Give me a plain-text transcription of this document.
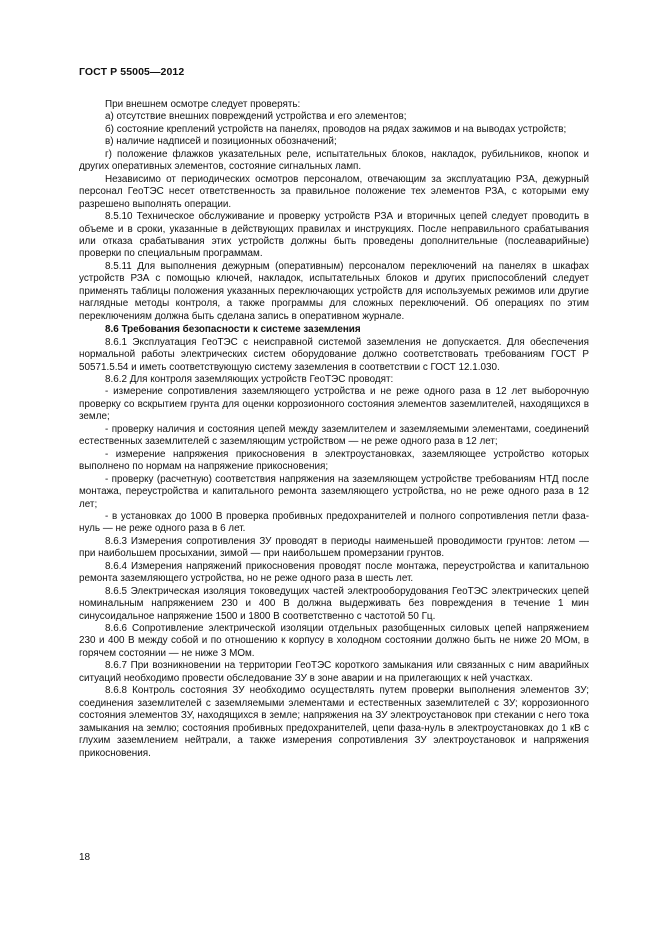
ГОСТ Р 55005—2012

При внешнем осмотре следует проверять:

а) отсутствие внешних повреждений устройства и его элементов;

б) состояние креплений устройств на панелях, проводов на рядах зажимов и на выводах устройств;

в) наличие надписей и позиционных обозначений;

г) положение флажков указательных реле, испытательных блоков, накладок, рубильников, кнопок и других оперативных элементов, состояние сигнальных ламп.

Независимо от периодических осмотров персоналом, отвечающим за эксплуатацию РЗА, дежурный персонал ГеоТЭС несет ответственность за правильное положение тех элементов РЗА, с которыми ему разрешено выполнять операции.

8.5.10 Техническое обслуживание и проверку устройств РЗА и вторичных цепей следует проводить в объеме и в сроки, указанные в действующих правилах и инструкциях. После неправильного срабатывания или отказа срабатывания этих устройств должны быть проведены дополнительные (послеаварийные) проверки по специальным программам.

8.5.11 Для выполнения дежурным (оперативным) персоналом переключений на панелях в шкафах устройств РЗА с помощью ключей, накладок, испытательных блоков и других приспособлений следует применять таблицы положения указанных переключающих устройств для используемых режимов или другие наглядные методы контроля, а также программы для сложных переключений. Об операциях по этим переключениям должна быть сделана запись в оперативном журнале.

8.6 Требования безопасности к системе заземления

8.6.1 Эксплуатация ГеоТЭС с неисправной системой заземления не допускается. Для обеспечения нормальной работы электрических систем оборудование должно соответствовать требованиям ГОСТ Р 50571.5.54 и иметь соответствующую систему заземления в соответствии с ГОСТ 12.1.030.

8.6.2 Для контроля заземляющих устройств ГеоТЭС проводят:

- измерение сопротивления заземляющего устройства и не реже одного раза в 12 лет выборочную проверку со вскрытием грунта для оценки коррозионного состояния элементов заземлителей, находящихся в земле;

- проверку наличия и состояния цепей между заземлителем и заземляемыми элементами, соединений естественных заземлителей с заземляющим устройством — не реже одного раза в 12 лет;

- измерение напряжения прикосновения в электроустановках, заземляющее устройство которых выполнено по нормам на напряжение прикосновения;

- проверку (расчетную) соответствия напряжения на заземляющем устройстве требованиям НТД после монтажа, переустройства и капитального ремонта заземляющего устройства, но не реже одного раза в 12 лет;

- в установках до 1000 В проверка пробивных предохранителей и полного сопротивления петли фаза-нуль — не реже одного раза в 6 лет.

8.6.3 Измерения сопротивления ЗУ проводят в периоды наименьшей проводимости грунтов: летом — при наибольшем просыхании, зимой — при наибольшем промерзании грунтов.

8.6.4 Измерения напряжений прикосновения проводят после монтажа, переустройства и капитальною ремонта заземляющего устройства, но не реже одного раза в шесть лет.

8.6.5 Электрическая изоляция токоведущих частей электрооборудования ГеоТЭС электрических цепей номинальным напряжением 230 и 400 В должна выдерживать без повреждения в течение 1 мин синусоидальное напряжение 1500 и 1800 В соответственно с частотой 50 Гц.

8.6.6 Сопротивление электрической изоляции отдельных разобщенных силовых цепей напряжением 230 и 400 В между собой и по отношению к корпусу в холодном состоянии должно быть не ниже 20 МОм, в горячем состоянии — не ниже 3 МОм.

8.6.7 При возникновении на территории ГеоТЭС короткого замыкания или связанных с ним аварийных ситуаций необходимо провести обследование ЗУ в зоне аварии и на прилегающих к ней участках.

8.6.8 Контроль состояния ЗУ необходимо осуществлять путем проверки выполнения элементов ЗУ; соединения заземлителей с заземляемыми элементами и естественных заземлителей с ЗУ; коррозионного состояния элементов ЗУ, находящихся в земле; напряжения на ЗУ электроустановок при стекании с него тока замыкания на землю; состояния пробивных предохранителей, цепи фаза-нуль в электроустановках до 1 кВ с глухим заземлением нейтрали, а также измерения сопротивления ЗУ электроустановок и напряжения прикосновения.

18
